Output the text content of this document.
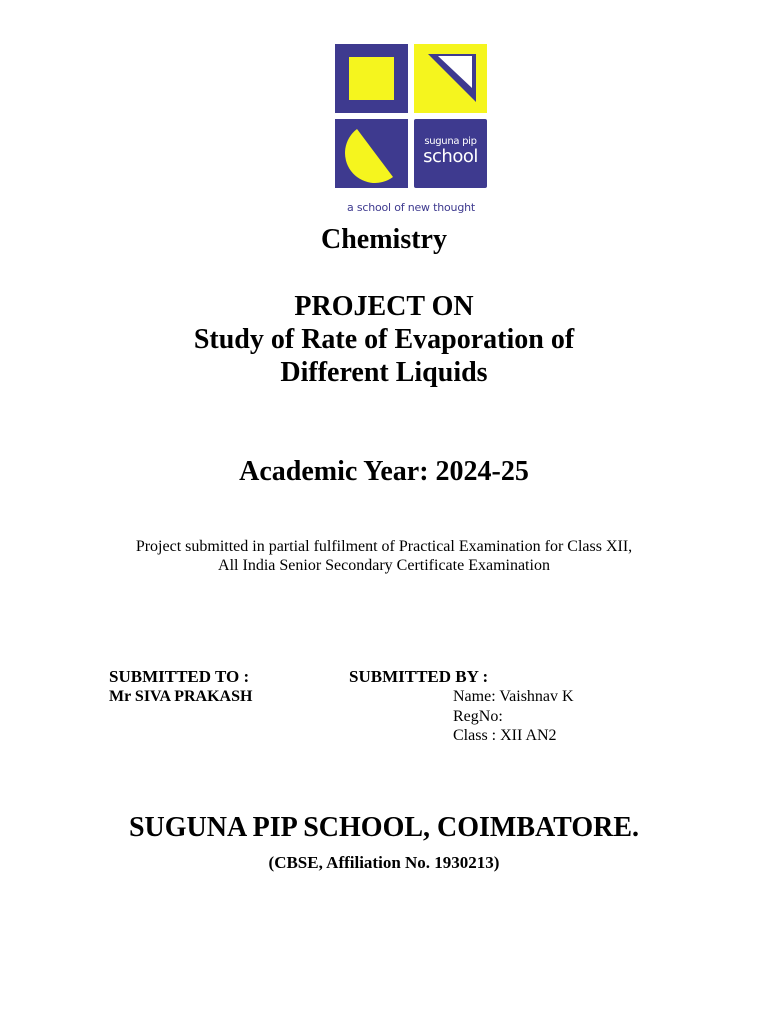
suguna pip
school
a school of new thought
Chemistry
PROJECT ON
Study of Rate of Evaporation of
Different Liquids
Academic Year: 2024-25
Project submitted in partial fulfilment of Practical Examination for Class XII,
All India Senior Secondary Certificate Examination
SUBMITTED TO :
Mr SIVA PRAKASH
SUBMITTED BY :
Name: Vaishnav K
RegNo:
Class : XII AN2
SUGUNA PIP SCHOOL, COIMBATORE.
(CBSE, Affiliation No. 1930213)
